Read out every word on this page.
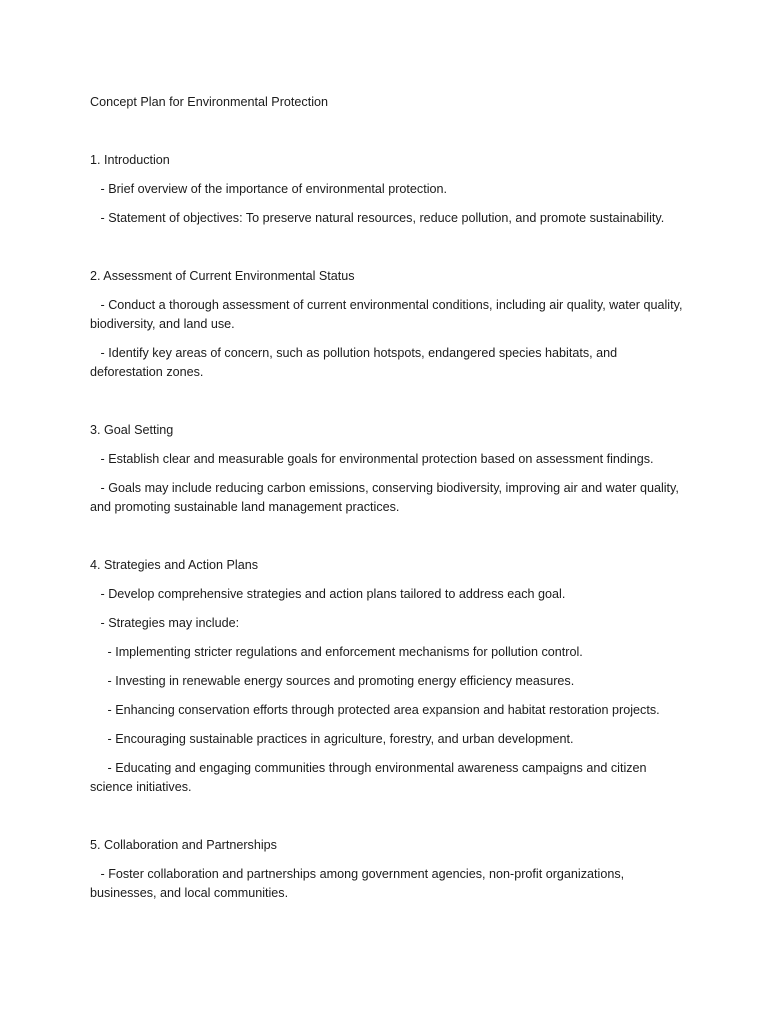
Concept Plan for Environmental Protection

1. Introduction

- Brief overview of the importance of environmental protection.

- Statement of objectives: To preserve natural resources, reduce pollution, and promote sustainability.

2. Assessment of Current Environmental Status

- Conduct a thorough assessment of current environmental conditions, including air quality, water quality, biodiversity, and land use.

- Identify key areas of concern, such as pollution hotspots, endangered species habitats, and deforestation zones.

3. Goal Setting

- Establish clear and measurable goals for environmental protection based on assessment findings.

- Goals may include reducing carbon emissions, conserving biodiversity, improving air and water quality, and promoting sustainable land management practices.

4. Strategies and Action Plans

- Develop comprehensive strategies and action plans tailored to address each goal.

- Strategies may include:

- Implementing stricter regulations and enforcement mechanisms for pollution control.

- Investing in renewable energy sources and promoting energy efficiency measures.

- Enhancing conservation efforts through protected area expansion and habitat restoration projects.

- Encouraging sustainable practices in agriculture, forestry, and urban development.

- Educating and engaging communities through environmental awareness campaigns and citizen science initiatives.

5. Collaboration and Partnerships

- Foster collaboration and partnerships among government agencies, non-profit organizations, businesses, and local communities.
